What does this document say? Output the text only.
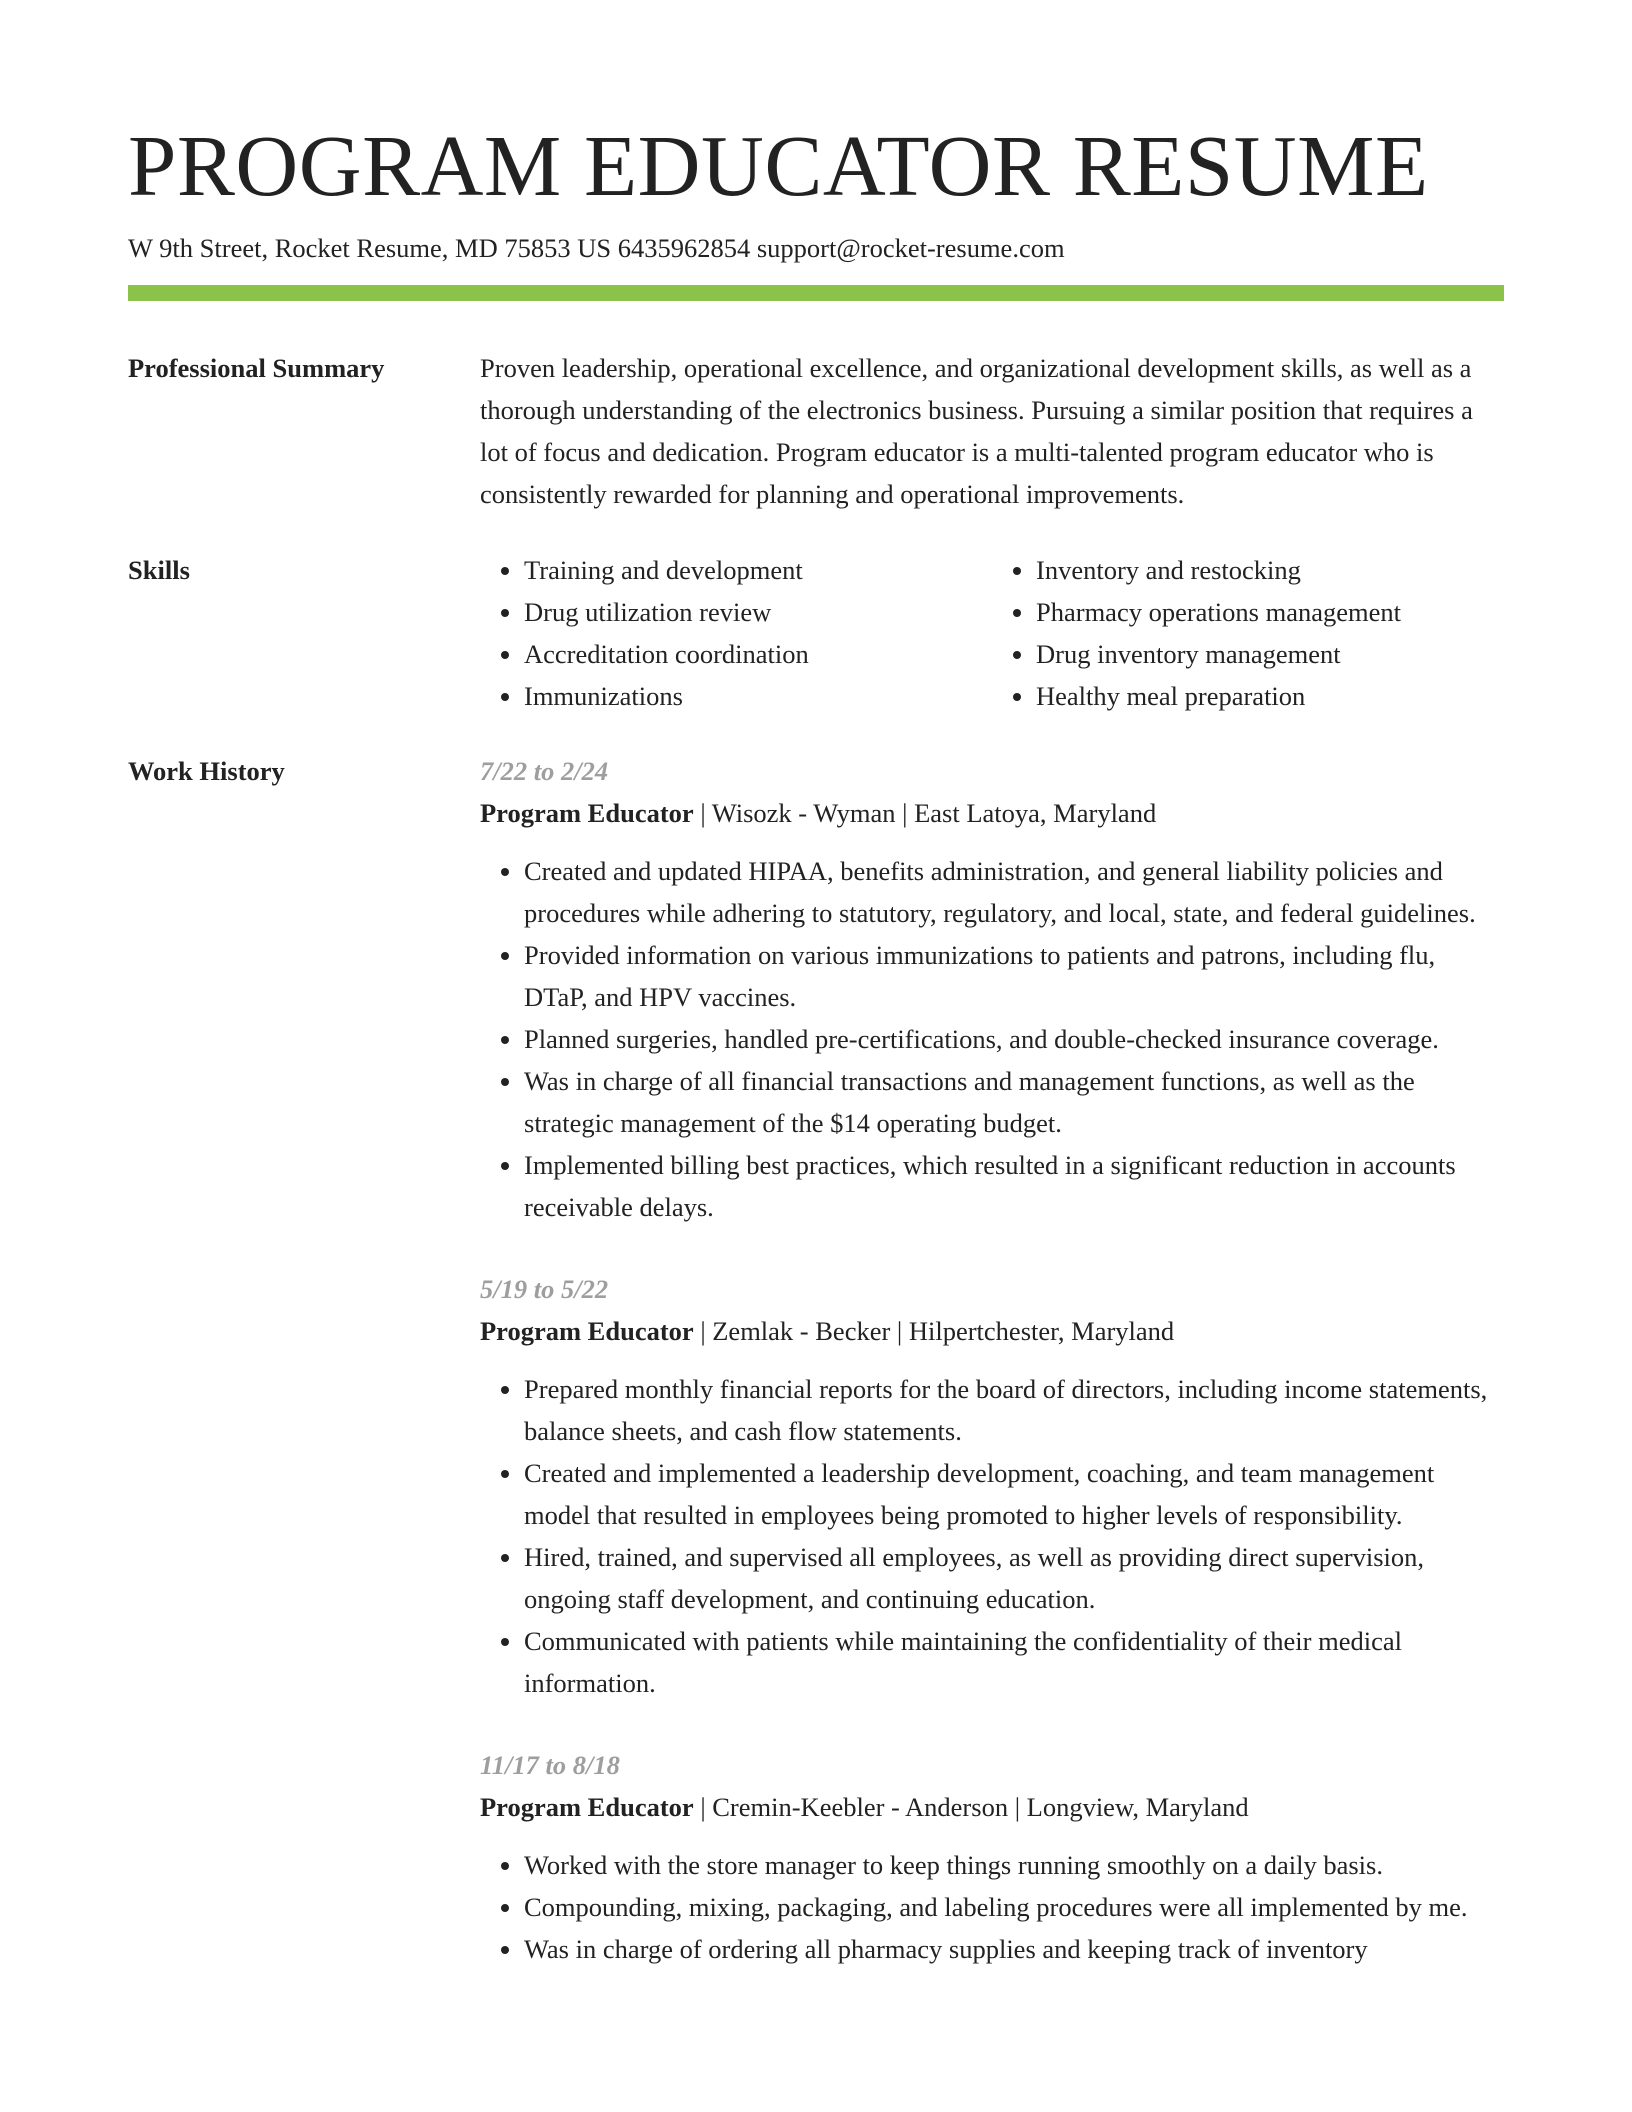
PROGRAM EDUCATOR RESUME
W 9th Street, Rocket Resume, MD 75853 US 6435962854 support@rocket-resume.com
Professional Summary	Proven leadership, operational excellence, and organizational development skills, as well as a thorough understanding of the electronics business. Pursuing a similar position that requires a lot of focus and dedication. Program educator is a multi-talented program educator who is consistently rewarded for planning and operational improvements.

Skills
•	Training and development
• Drug utilization review
• Accreditation coordination
• Immunizations
• Inventory and restocking
• Pharmacy operations management
• Drug inventory management
• Healthy meal preparation
Work History	7/22 to 2/24
Program Educator | Wisozk - Wyman | East Latoya, Maryland
• Created and updated HIPAA, benefits administration, and general liability policies and procedures while adhering to statutory, regulatory, and local, state, and federal guidelines.
• Provided information on various immunizations to patients and patrons, including flu, DTaP, and HPV vaccines.
• Planned surgeries, handled pre-certifications, and double-checked insurance coverage.
• Was in charge of all financial transactions and management functions, as well as the strategic management of the $14 operating budget.
• Implemented billing best practices, which resulted in a significant reduction in accounts receivable delays.
5/19 to 5/22
Program Educator | Zemlak - Becker | Hilpertchester, Maryland
• Prepared monthly financial reports for the board of directors, including income statements, balance sheets, and cash flow statements.
• Created and implemented a leadership development, coaching, and team management model that resulted in employees being promoted to higher levels of responsibility.
• Hired, trained, and supervised all employees, as well as providing direct supervision, ongoing staff development, and continuing education.
• Communicated with patients while maintaining the confidentiality of their medical information.
11/17 to 8/18
Program Educator | Cremin-Keebler - Anderson | Longview, Maryland
• Worked with the store manager to keep things running smoothly on a daily basis.
• Compounding, mixing, packaging, and labeling procedures were all implemented by me.
• Was in charge of ordering all pharmacy supplies and keeping track of inventory
